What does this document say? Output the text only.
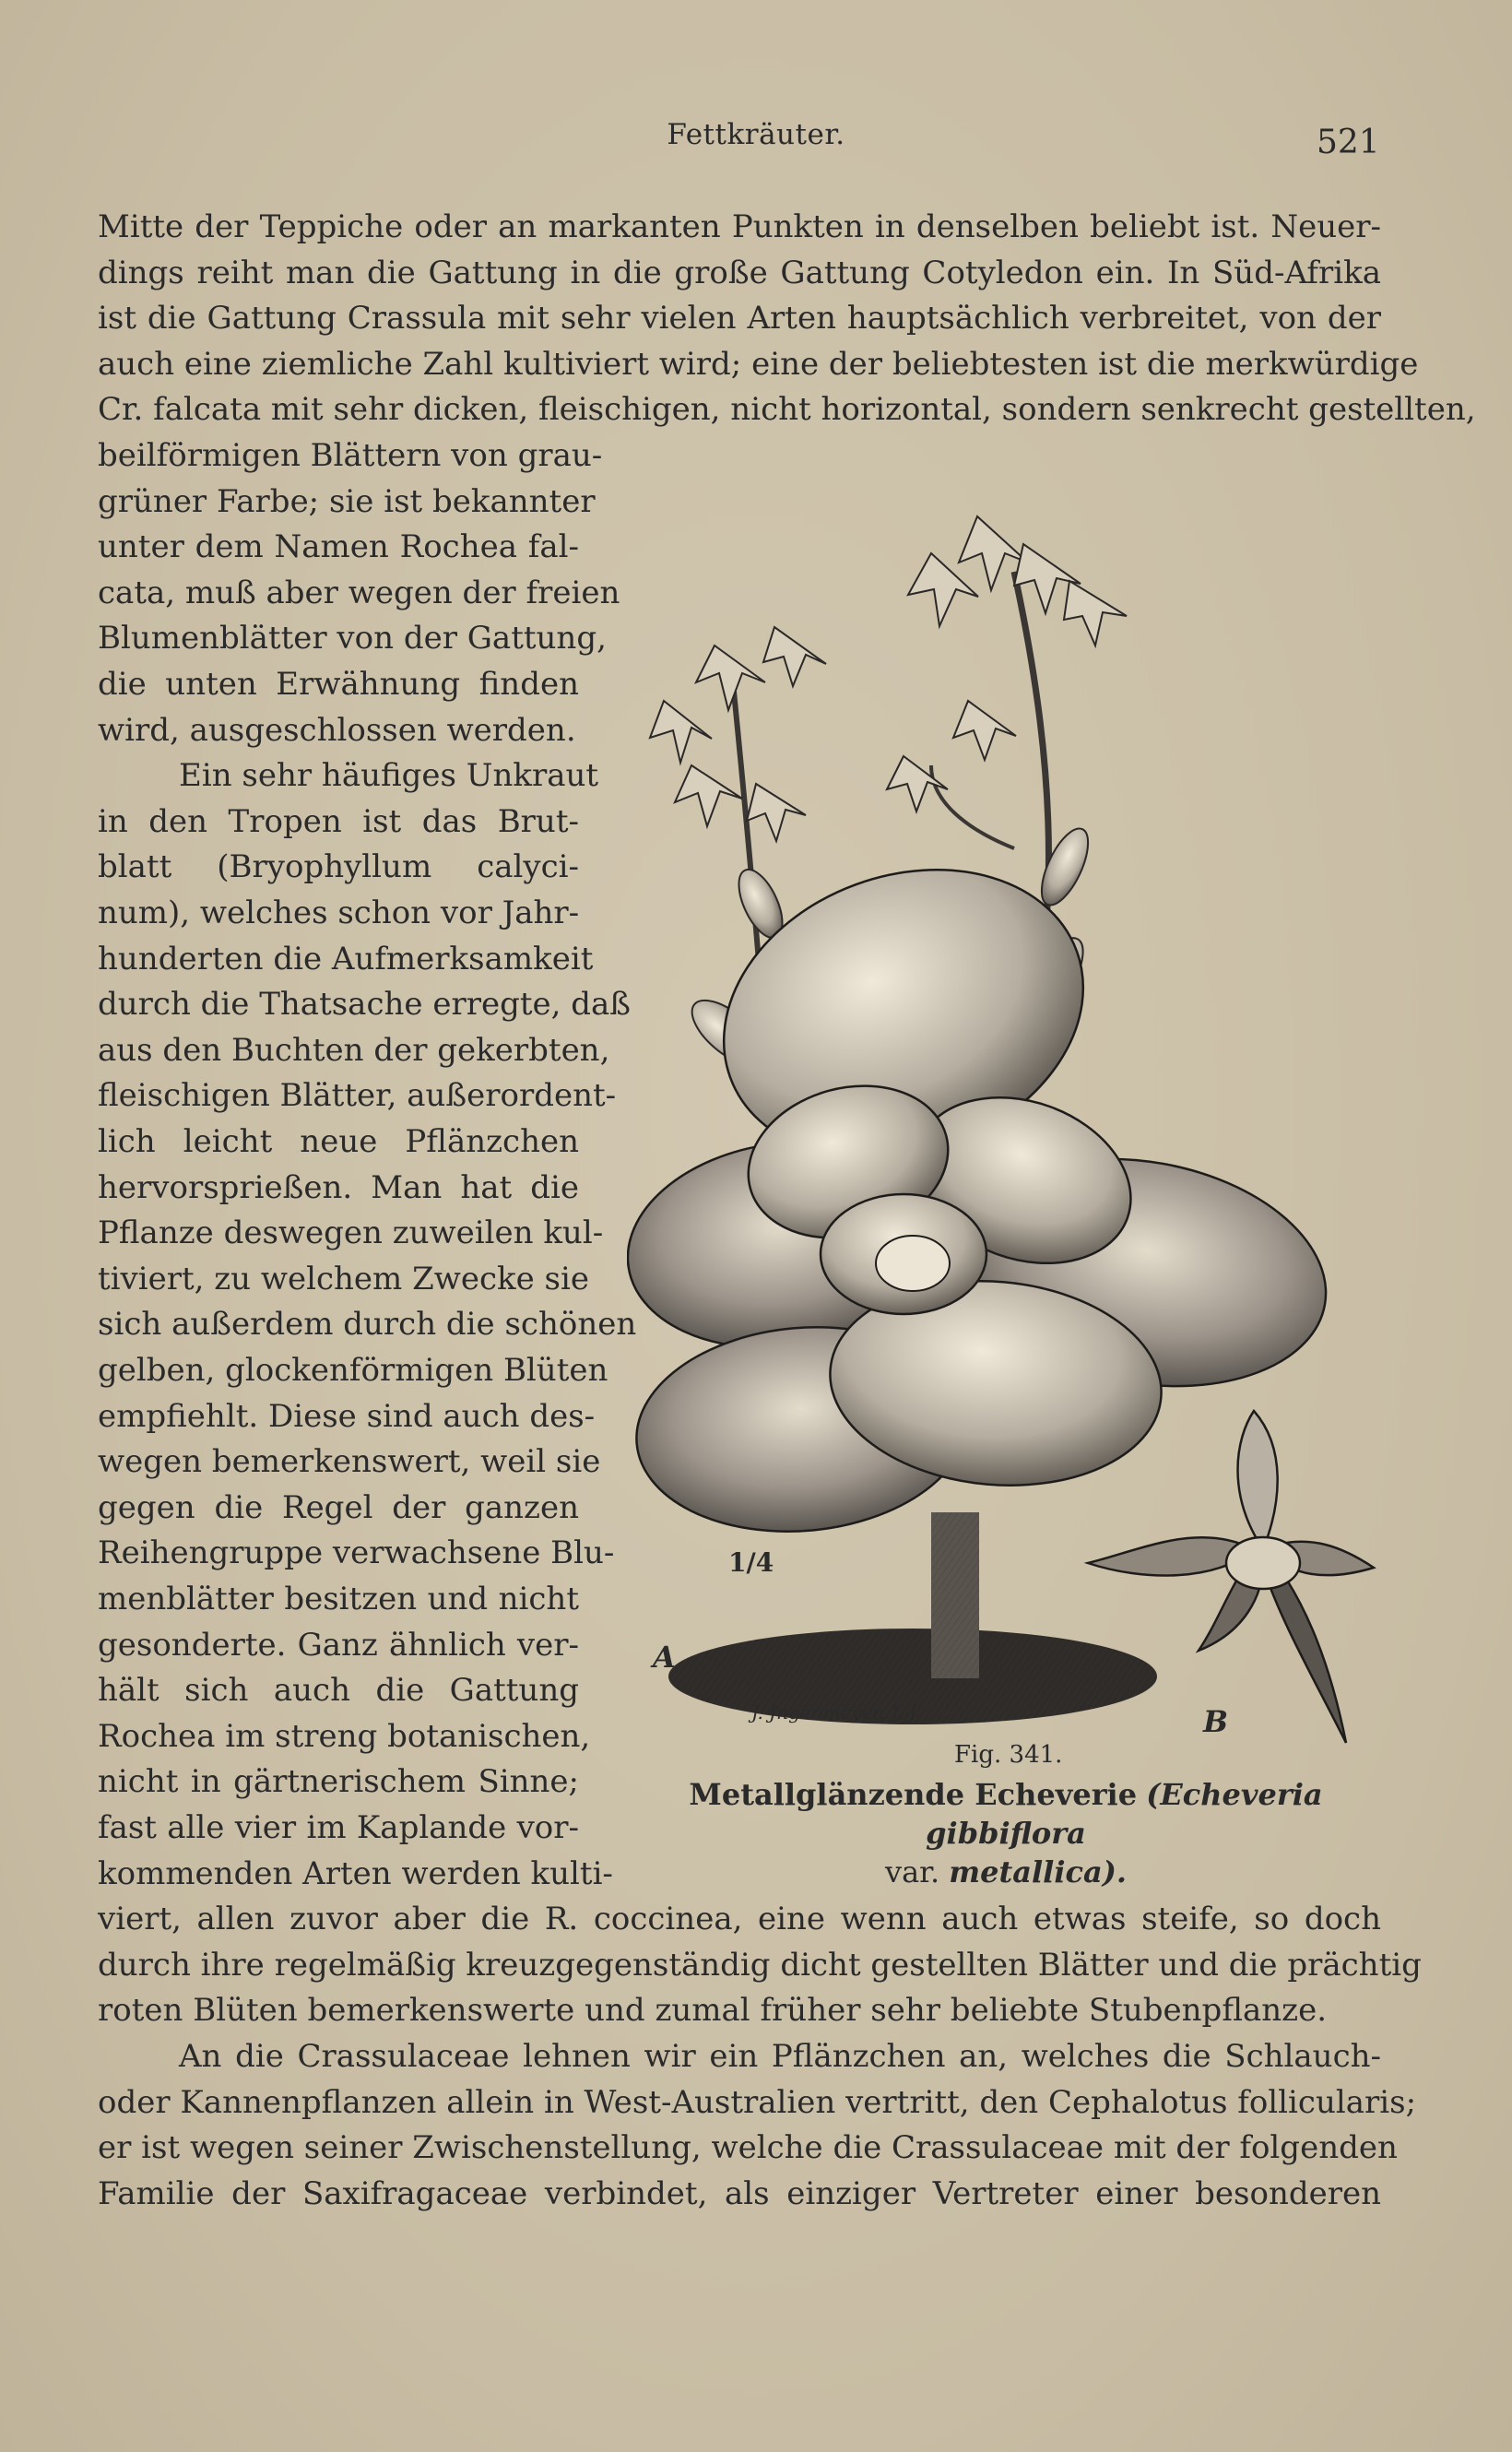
Fettkräuter.	521
Mitte der Teppiche oder an markanten Punkten in denselben beliebt ist. Neuer-
dings reiht man die Gattung in die große Gattung Cotyledon ein. In Süd-Afrika
ist die Gattung Crassula mit sehr vielen Arten hauptsächlich verbreitet, von der
auch eine ziemliche Zahl kultiviert wird; eine der beliebtesten ist die merkwürdige
Cr. falcata mit sehr dicken, fleischigen, nicht horizontal, sondern senkrecht gestellten,
beilförmigen Blättern von grau-
grüner Farbe; sie ist bekannter
unter dem Namen Rochea fal-
cata, muß aber wegen der freien
Blumenblätter von der Gattung,
die unten Erwähnung finden
wird, ausgeschlossen werden.
Ein sehr häufiges Unkraut
in den Tropen ist das Brut-
blatt (Bryophyllum calyci-
num), welches schon vor Jahr-
hunderten die Aufmerksamkeit
durch die Thatsache erregte, daß
aus den Buchten der gekerbten,
fleischigen Blätter, außerordent-
lich leicht neue Pflänzchen
hervorsprießen. Man hat die
Pflanze deswegen zuweilen kul-
tiviert, zu welchem Zwecke sie
sich außerdem durch die schönen
gelben, glockenförmigen Blüten
empfiehlt. Diese sind auch des-
wegen bemerkenswert, weil sie
gegen die Regel der ganzen
Reihengruppe verwachsene Blu-
menblätter besitzen und nicht
gesonderte. Ganz ähnlich ver-
hält sich auch die Gattung
Rochea im streng botanischen,
nicht in gärtnerischem Sinne;
fast alle vier im Kaplande vor-
kommenden Arten werden kulti-
viert, allen zuvor aber die R. coccinea, eine wenn auch etwas steife, so doch
durch ihre regelmäßig kreuzgegenständig dicht gestellten Blätter und die prächtig
roten Blüten bemerkenswerte und zumal früher sehr beliebte Stubenpflanze.
An die Crassulaceae lehnen wir ein Pflänzchen an, welches die Schlauch-
oder Kannenpflanzen allein in West-Australien vertritt, den Cephalotus follicularis;
er ist wegen seiner Zwischenstellung, welche die Crassulaceae mit der folgenden
Familie der Saxifragaceae verbindet, als einziger Vertreter einer besonderen
A
B
1/4
J. Jngenmeyer. J. J.
Fig. 341.
Metallglänzende Echeverie (Echeveria gibbiflora
var. metallica).
